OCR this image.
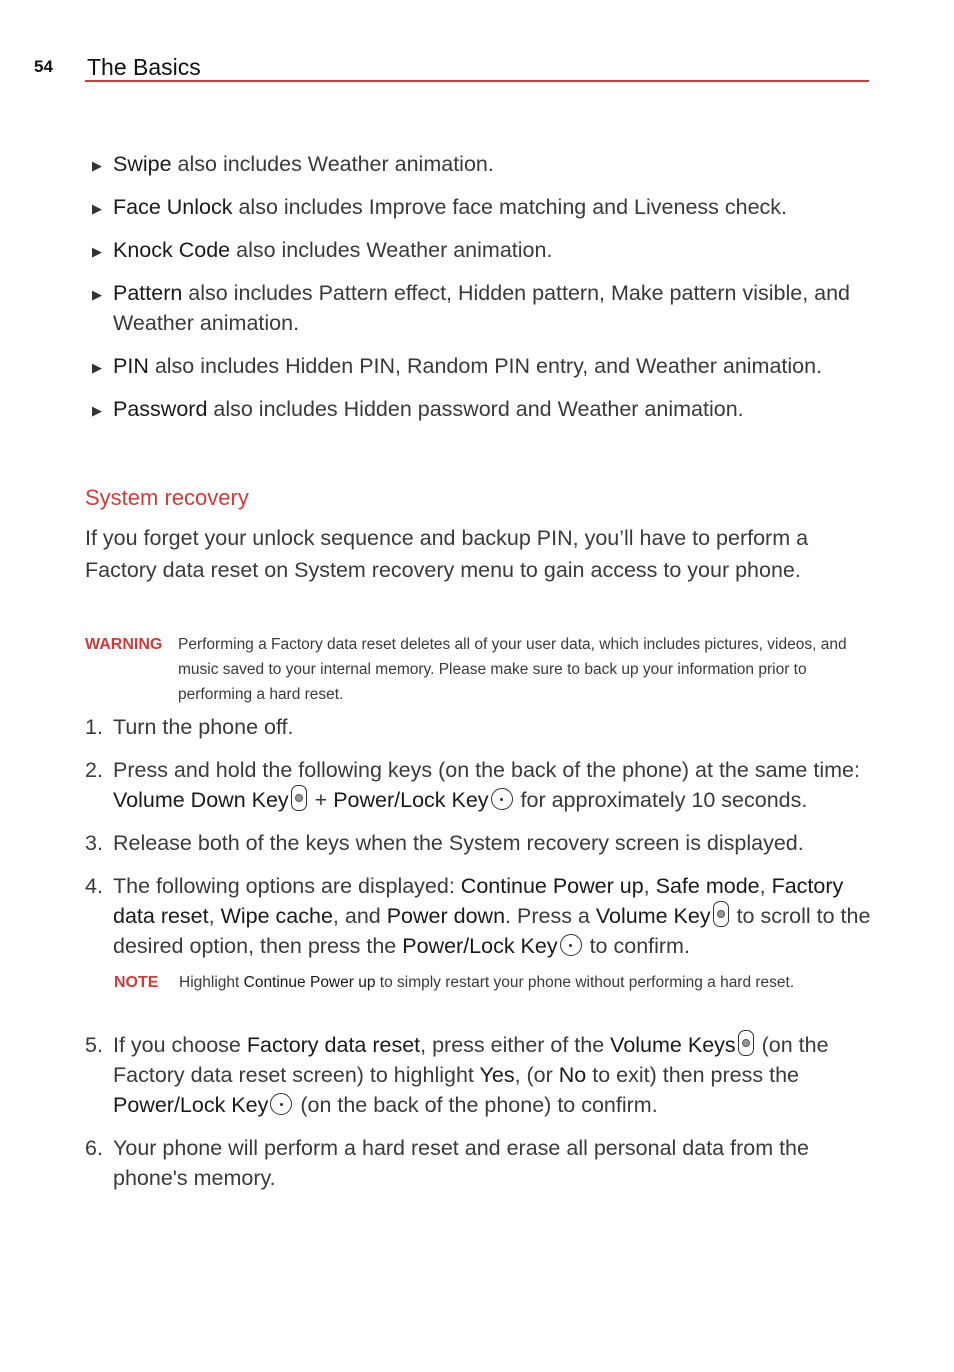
54 The Basics
▶ Swipe also includes Weather animation.
▶ Face Unlock also includes Improve face matching and Liveness check.
▶ Knock Code also includes Weather animation.
▶ Pattern also includes Pattern effect, Hidden pattern, Make pattern visible, and Weather animation.
▶ PIN also includes Hidden PIN, Random PIN entry, and Weather animation.
▶ Password also includes Hidden password and Weather animation.
System recovery
If you forget your unlock sequence and backup PIN, you’ll have to perform a Factory data reset on System recovery menu to gain access to your phone.
WARNING Performing a Factory data reset deletes all of your user data, which includes pictures, videos, and music saved to your internal memory. Please make sure to back up your information prior to performing a hard reset.
1. Turn the phone off.
2. Press and hold the following keys (on the back of the phone) at the same time: Volume Down Key + Power/Lock Key for approximately 10 seconds.
3. Release both of the keys when the System recovery screen is displayed.
4. The following options are displayed: Continue Power up, Safe mode, Factory data reset, Wipe cache, and Power down. Press a Volume Key to scroll to the desired option, then press the Power/Lock Key to confirm.
NOTE Highlight Continue Power up to simply restart your phone without performing a hard reset.
5. If you choose Factory data reset, press either of the Volume Keys (on the Factory data reset screen) to highlight Yes, (or No to exit) then press the Power/Lock Key (on the back of the phone) to confirm.
6. Your phone will perform a hard reset and erase all personal data from the phone's memory.
